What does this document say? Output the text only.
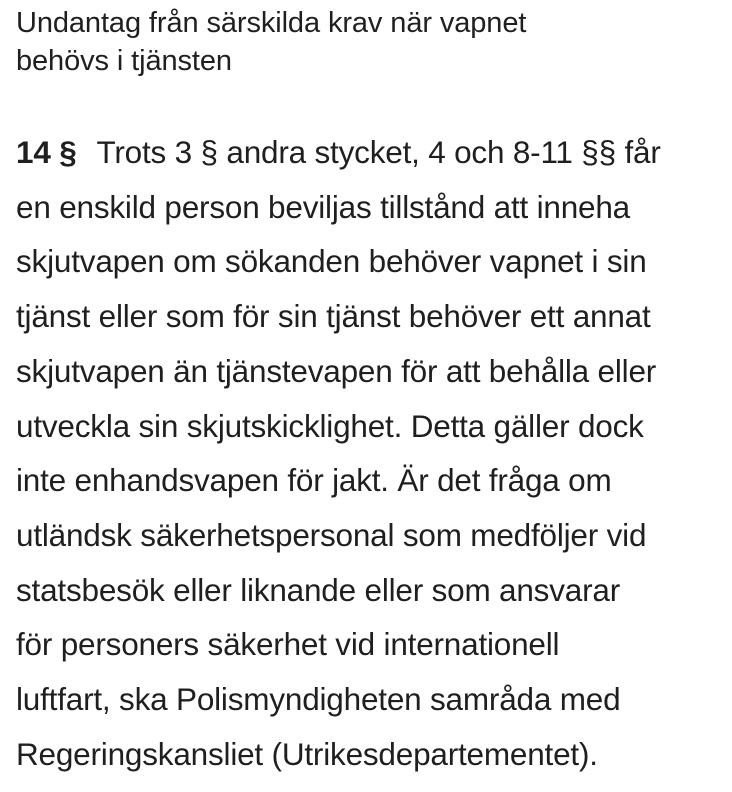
Undantag från särskilda krav när vapnet
behövs i tjänsten
14 § Trots 3 § andra stycket, 4 och 8-11 §§ får
en enskild person beviljas tillstånd att inneha
skjutvapen om sökanden behöver vapnet i sin
tjänst eller som för sin tjänst behöver ett annat
skjutvapen än tjänstevapen för att behålla eller
utveckla sin skjutskicklighet. Detta gäller dock
inte enhandsvapen för jakt. Är det fråga om
utländsk säkerhetspersonal som medföljer vid
statsbesök eller liknande eller som ansvarar
för personers säkerhet vid internationell
luftfart, ska Polismyndigheten samråda med
Regeringskansliet (Utrikesdepartementet).
